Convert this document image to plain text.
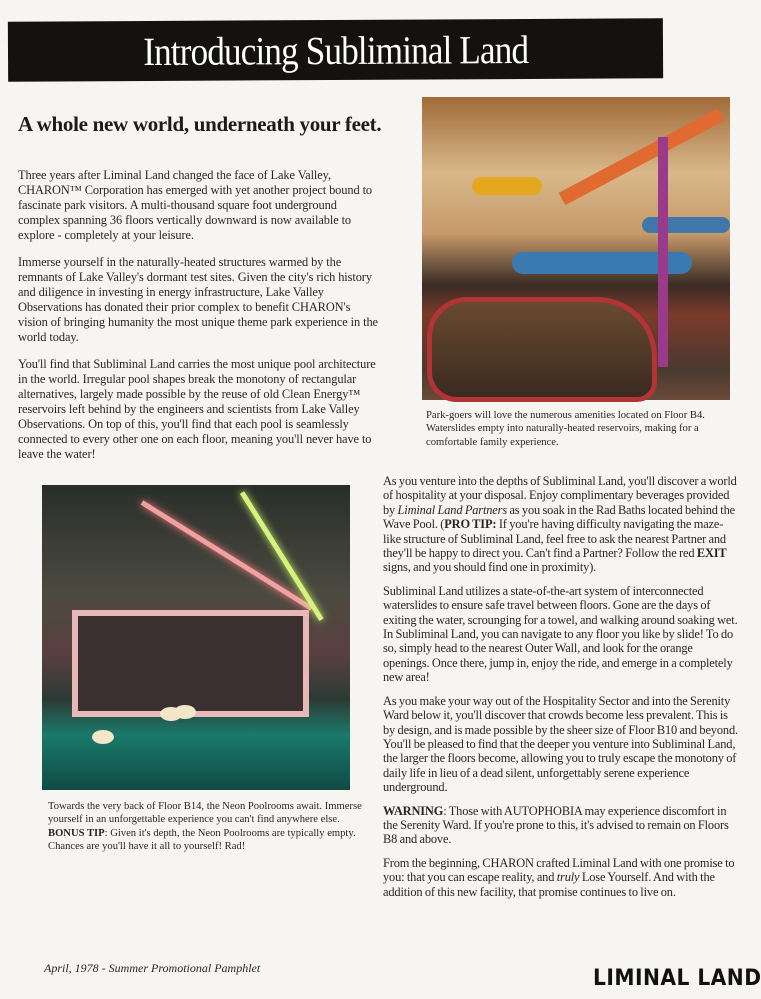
Introducing Subliminal Land
A whole new world, underneath your feet.

Three years after Liminal Land changed the face of Lake Valley, CHARON™ Corporation has emerged with yet another project bound to fascinate park visitors. A multi-thousand square foot underground complex spanning 36 floors vertically downward is now available to explore - completely at your leisure.

Immerse yourself in the naturally-heated structures warmed by the remnants of Lake Valley's dormant test sites. Given the city's rich history and diligence in investing in energy infrastructure, Lake Valley Observations has donated their prior complex to benefit CHARON's vision of bringing humanity the most unique theme park experience in the world today.

You'll find that Subliminal Land carries the most unique pool architecture in the world. Irregular pool shapes break the monotony of rectangular alternatives, largely made possible by the reuse of old Clean Energy™ reservoirs left behind by the engineers and scientists from Lake Valley Observations. On top of this, you'll find that each pool is seamlessly connected to every other one on each floor, meaning you'll never have to leave the water!

Park-goers will love the numerous amenities located on Floor B4. Waterslides empty into naturally-heated reservoirs, making for a comfortable family experience.
Towards the very back of Floor B14, the Neon Poolrooms await. Immerse yourself in an unforgettable experience you can't find anywhere else. BONUS TIP: Given it's depth, the Neon Poolrooms are typically empty. Chances are you'll have it all to yourself! Rad!

As you venture into the depths of Subliminal Land, you'll discover a world of hospitality at your disposal. Enjoy complimentary beverages provided by Liminal Land Partners as you soak in the Rad Baths located behind the Wave Pool. (PRO TIP: If you're having difficulty navigating the maze-like structure of Subliminal Land, feel free to ask the nearest Partner and they'll be happy to direct you. Can't find a Partner? Follow the red EXIT signs, and you should find one in proximity).

Subliminal Land utilizes a state-of-the-art system of interconnected waterslides to ensure safe travel between floors. Gone are the days of exiting the water, scrounging for a towel, and walking around soaking wet. In Subliminal Land, you can navigate to any floor you like by slide! To do so, simply head to the nearest Outer Wall, and look for the orange openings. Once there, jump in, enjoy the ride, and emerge in a completely new area!

As you make your way out of the Hospitality Sector and into the Serenity Ward below it, you'll discover that crowds become less prevalent. This is by design, and is made possible by the sheer size of Floor B10 and beyond. You'll be pleased to find that the deeper you venture into Subliminal Land, the larger the floors become, allowing you to truly escape the monotony of daily life in lieu of a dead silent, unforgettably serene experience underground.

WARNING: Those with AUTOPHOBIA may experience discomfort in the Serenity Ward. If you're prone to this, it's advised to remain on Floors B8 and above.

From the beginning, CHARON crafted Liminal Land with one promise to you: that you can escape reality, and truly Lose Yourself. And with the addition of this new facility, that promise continues to live on.

April, 1978 - Summer Promotional Pamphlet	LIMINAL LAND
